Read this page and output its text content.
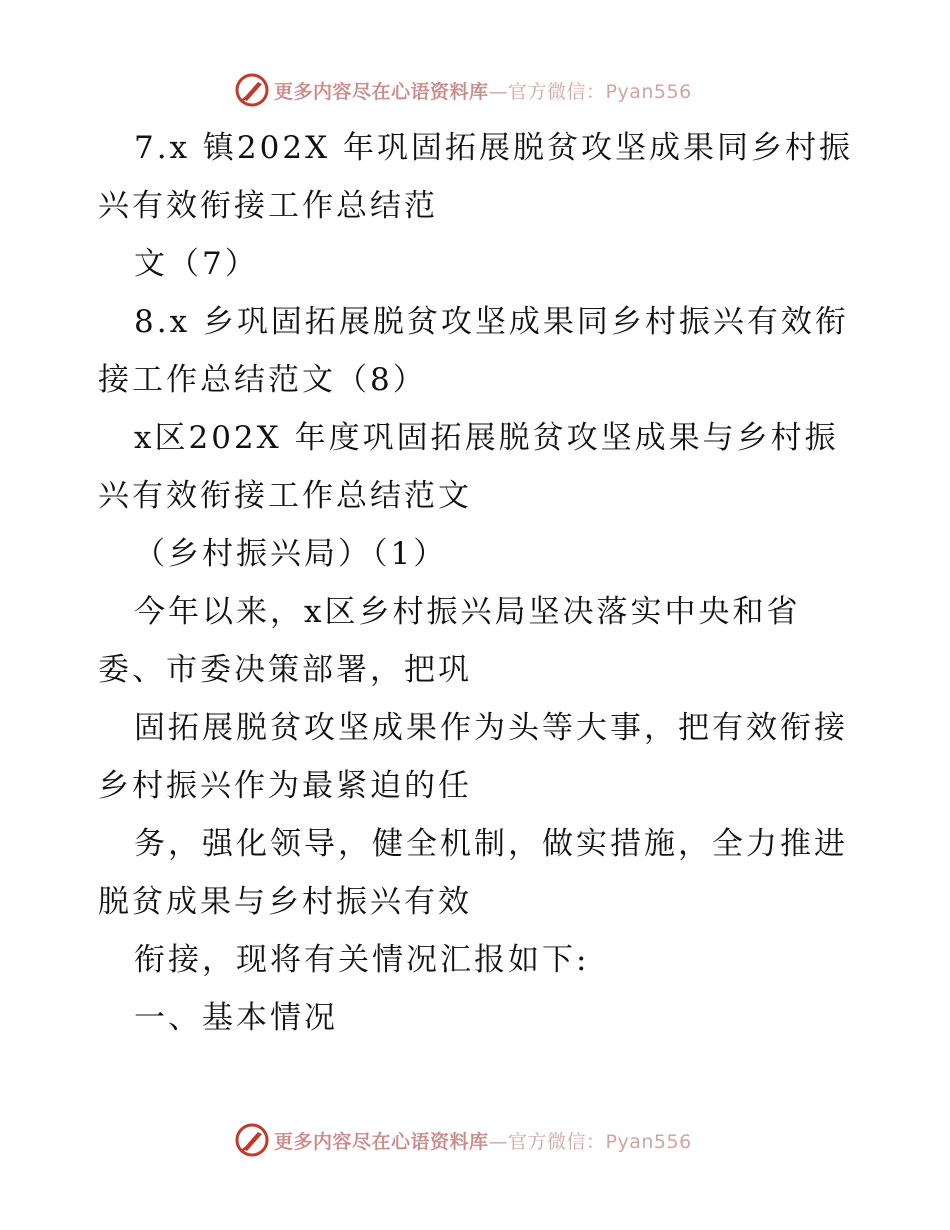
更多内容尽在心语资料库—官方微信：Pyan556
7.x 镇202X 年巩固拓展脱贫攻坚成果同乡村振
兴有效衔接工作总结范
文（7）
8.x 乡巩固拓展脱贫攻坚成果同乡村振兴有效衔
接工作总结范文（8）
x区202X 年度巩固拓展脱贫攻坚成果与乡村振
兴有效衔接工作总结范文
（乡村振兴局）（1）
今年以来，x区乡村振兴局坚决落实中央和省
委、市委决策部署，把巩
固拓展脱贫攻坚成果作为头等大事，把有效衔接
乡村振兴作为最紧迫的任
务，强化领导，健全机制，做实措施，全力推进
脱贫成果与乡村振兴有效
衔接，现将有关情况汇报如下:
一、基本情况
更多内容尽在心语资料库—官方微信：Pyan556
